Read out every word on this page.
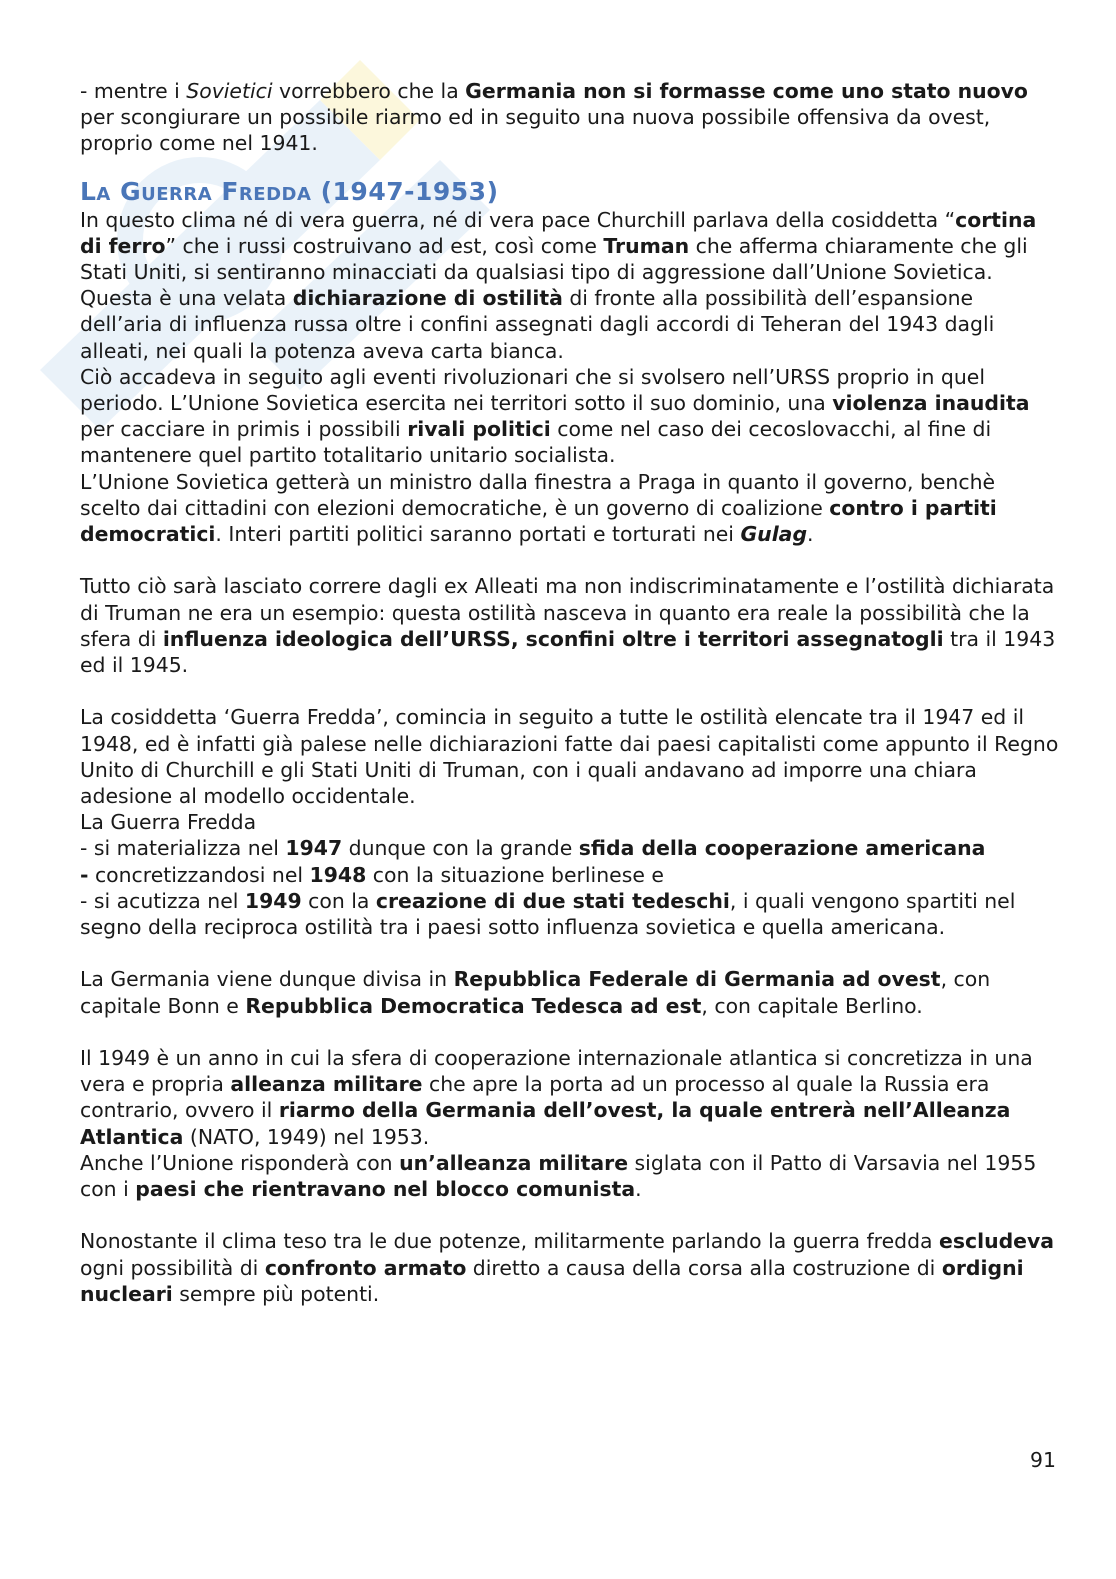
- mentre i Sovietici vorrebbero che la Germania non si formasse come uno stato nuovo per scongiurare un possibile riarmo ed in seguito una nuova possibile offensiva da ovest, proprio come nel 1941.

La Guerra Fredda (1947-1953)

In questo clima né di vera guerra, né di vera pace Churchill parlava della cosiddetta “cortina di ferro” che i russi costruivano ad est, così come Truman che afferma chiaramente che gli Stati Uniti, si sentiranno minacciati da qualsiasi tipo di aggressione dall’Unione Sovietica.

Questa è una velata dichiarazione di ostilità di fronte alla possibilità dell’espansione dell’aria di influenza russa oltre i confini assegnati dagli accordi di Teheran del 1943 dagli alleati, nei quali la potenza aveva carta bianca.

Ciò accadeva in seguito agli eventi rivoluzionari che si svolsero nell’URSS proprio in quel periodo. L’Unione Sovietica esercita nei territori sotto il suo dominio, una violenza inaudita per cacciare in primis i possibili rivali politici come nel caso dei cecoslovacchi, al fine di mantenere quel partito totalitario unitario socialista.

L’Unione Sovietica getterà un ministro dalla finestra a Praga in quanto il governo, benchè scelto dai cittadini con elezioni democratiche, è un governo di coalizione contro i partiti democratici. Interi partiti politici saranno portati e torturati nei Gulag.

Tutto ciò sarà lasciato correre dagli ex Alleati ma non indiscriminatamente e l’ostilità dichiarata di Truman ne era un esempio: questa ostilità nasceva in quanto era reale la possibilità che la sfera di influenza ideologica dell’URSS, sconfini oltre i territori assegnatogli tra il 1943 ed il 1945.

La cosiddetta ‘Guerra Fredda’, comincia in seguito a tutte le ostilità elencate tra il 1947 ed il 1948, ed è infatti già palese nelle dichiarazioni fatte dai paesi capitalisti come appunto il Regno Unito di Churchill e gli Stati Uniti di Truman, con i quali andavano ad imporre una chiara adesione al modello occidentale.

La Guerra Fredda

- si materializza nel 1947 dunque con la grande sfida della cooperazione americana

- concretizzandosi nel 1948 con la situazione berlinese e

- si acutizza nel 1949 con la creazione di due stati tedeschi, i quali vengono spartiti nel segno della reciproca ostilità tra i paesi sotto influenza sovietica e quella americana.

La Germania viene dunque divisa in Repubblica Federale di Germania ad ovest, con capitale Bonn e Repubblica Democratica Tedesca ad est, con capitale Berlino.

Il 1949 è un anno in cui la sfera di cooperazione internazionale atlantica si concretizza in una vera e propria alleanza militare che apre la porta ad un processo al quale la Russia era contrario, ovvero il riarmo della Germania dell’ovest, la quale entrerà nell’Alleanza Atlantica (NATO, 1949) nel 1953.

Anche l’Unione risponderà con un’alleanza militare siglata con il Patto di Varsavia nel 1955 con i paesi che rientravano nel blocco comunista.

Nonostante il clima teso tra le due potenze, militarmente parlando la guerra fredda escludeva ogni possibilità di confronto armato diretto a causa della corsa alla costruzione di ordigni nucleari sempre più potenti.

91
